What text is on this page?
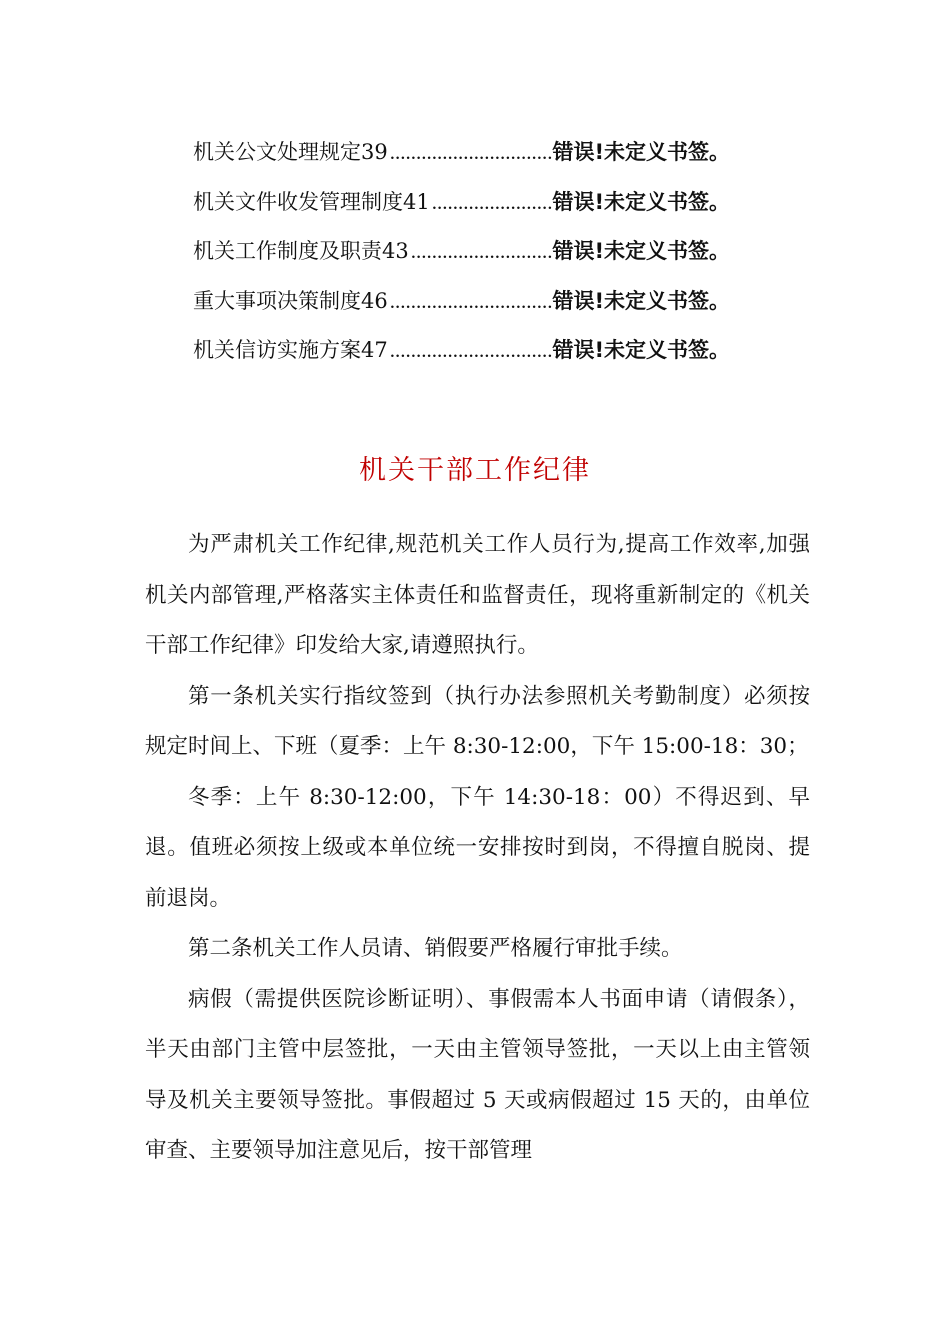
机关公文处理规定 39 ............................... 错误!未定义书签。
机关文件收发管理制度 41 ....................... 错误!未定义书签。
机关工作制度及职责 43 ........................... 错误!未定义书签。
重大事项决策制度 46 ............................... 错误!未定义书签。
机关信访实施方案 47 ............................... 错误!未定义书签。
机关干部工作纪律

为严肃机关工作纪律,规范机关工作人员行为,提高工作效率,加强机关内部管理,严格落实主体责任和监督责任，现将重新制定的《机关干部工作纪律》印发给大家,请遵照执行。

第一条机关实行指纹签到（执行办法参照机关考勤制度）必须按规定时间上、下班（夏季：上午 8:30-12:00，下午 15:00-18：30；

冬季：上午 8:30-12:00，下午 14:30-18：00）不得迟到、早退。值班必须按上级或本单位统一安排按时到岗，不得擅自脱岗、提前退岗。

第二条机关工作人员请、销假要严格履行审批手续。

病假（需提供医院诊断证明）、事假需本人书面申请（请假条），半天由部门主管中层签批，一天由主管领导签批，一天以上由主管领导及机关主要领导签批。事假超过 5 天或病假超过 15 天的，由单位审查、主要领导加注意见后，按干部管理
